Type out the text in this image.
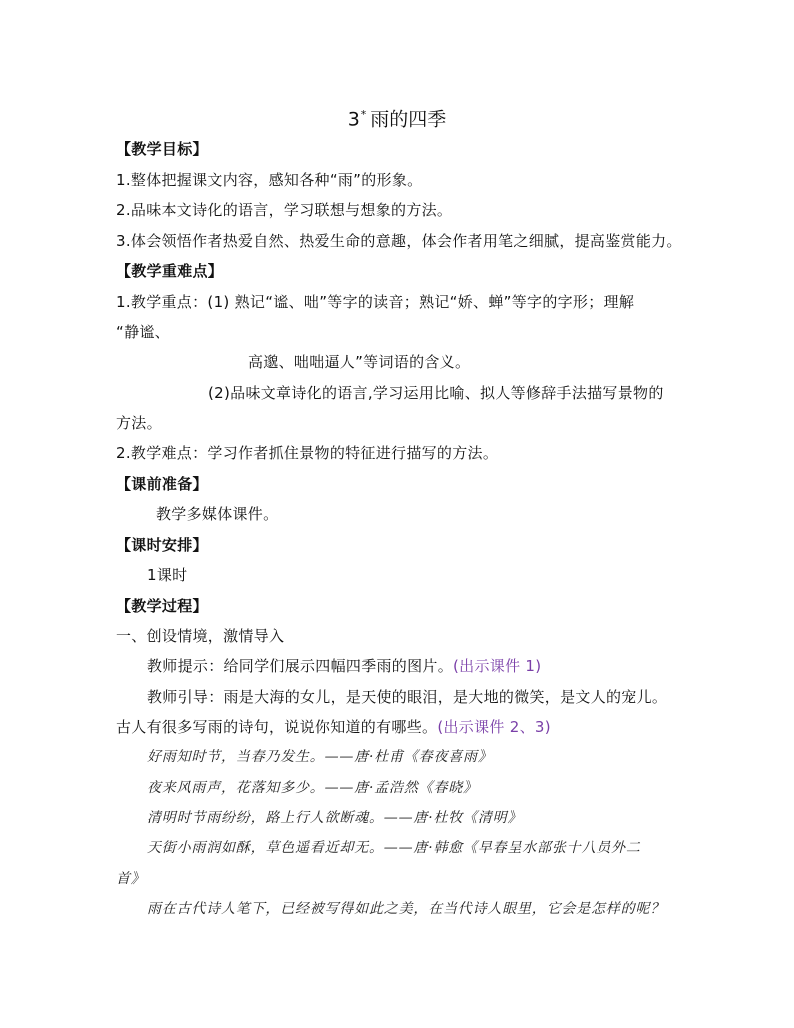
3* 雨的四季
【教学目标】
1.整体把握课文内容，感知各种“雨”的形象。
2.品味本文诗化的语言，学习联想与想象的方法。
3.体会领悟作者热爱自然、热爱生命的意趣，体会作者用笔之细腻，提高鉴赏能力。
【教学重难点】
1.教学重点：(1) 熟记“谧、咄”等字的读音；熟记“娇、蝉”等字的字形；理解
“静谧、
高邈、咄咄逼人”等词语的含义。
(2)品味文章诗化的语言,学习运用比喻、拟人等修辞手法描写景物的
方法。
2.教学难点：学习作者抓住景物的特征进行描写的方法。
【课前准备】
教学多媒体课件。
【课时安排】
1课时
【教学过程】
一、创设情境，激情导入
教师提示：给同学们展示四幅四季雨的图片。(出示课件 1)
教师引导：雨是大海的女儿，是天使的眼泪，是大地的微笑，是文人的宠儿。
古人有很多写雨的诗句，说说你知道的有哪些。(出示课件 2、3)
好雨知时节，当春乃发生。——唐·杜甫《春夜喜雨》
夜来风雨声，花落知多少。——唐·孟浩然《春晓》
清明时节雨纷纷，路上行人欲断魂。——唐·杜牧《清明》
天街小雨润如酥，草色遥看近却无。——唐·韩愈《早春呈水部张十八员外二
首》
雨在古代诗人笔下，已经被写得如此之美，在当代诗人眼里，它会是怎样的呢？
